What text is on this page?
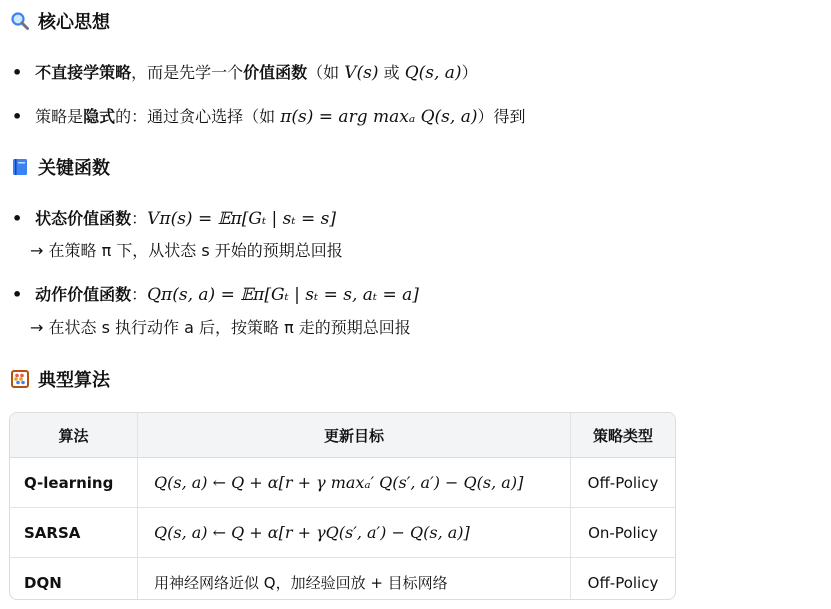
核心思想
• 不直接学策略，而是先学一个价值函数（如 V(s) 或 Q(s, a)）
• 策略是隐式的：通过贪心选择（如 π(s) = arg maxₐ Q(s, a)）得到
关键函数
• 状态价值函数：Vπ(s) = 𝔼π[Gₜ | sₜ = s]
→ 在策略 π 下，从状态 s 开始的预期总回报
• 动作价值函数：Qπ(s, a) = 𝔼π[Gₜ | sₜ = s, aₜ = a]
→ 在状态 s 执行动作 a 后，按策略 π 走的预期总回报
典型算法
算法	更新目标	策略类型
Q-learning	Q(s, a) ← Q + α[r + γ maxₐ′ Q(s′, a′) − Q(s, a)]	Off-Policy
SARSA	Q(s, a) ← Q + α[r + γQ(s′, a′) − Q(s, a)]	On-Policy
DQN	用神经网络近似 Q，加经验回放 + 目标网络	Off-Policy
